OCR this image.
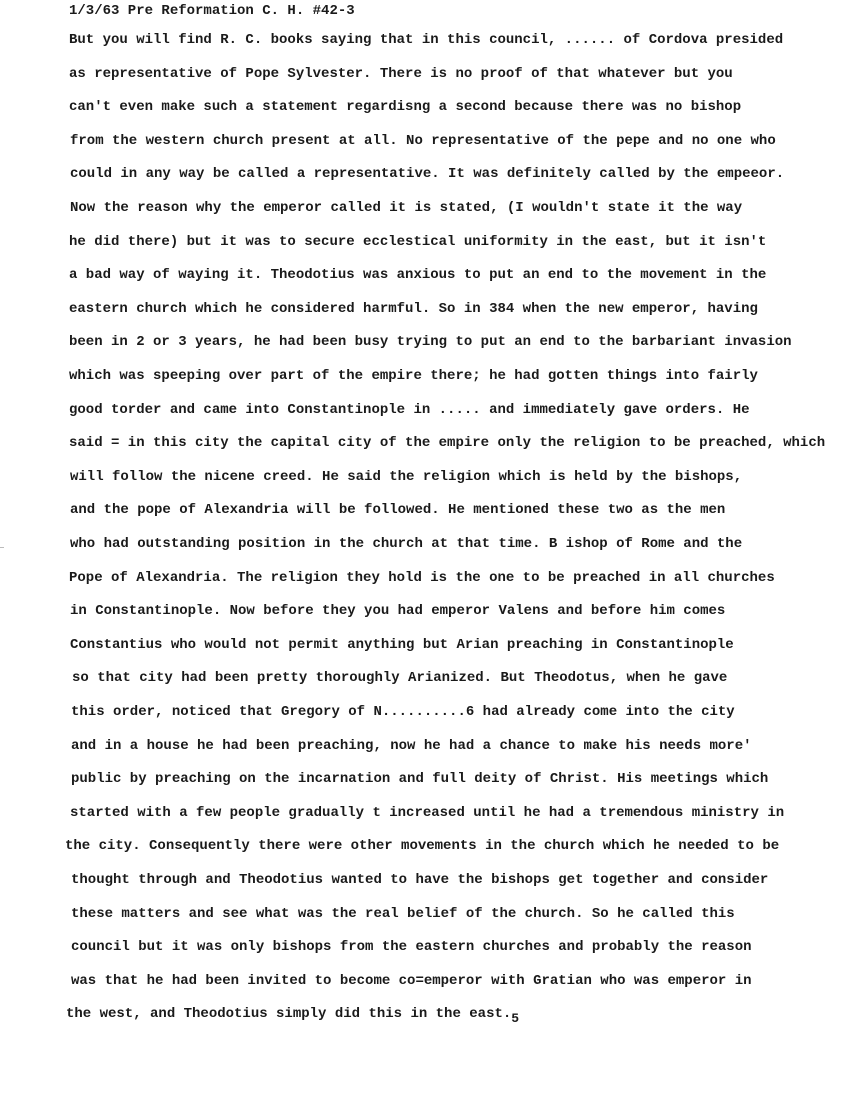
1/3/63 Pre Reformation C. H. #42-3
But you will find R. C. books saying that in this council, ...... of Cordova presided
as representative of Pope Sylvester. There is no proof of that whatever but you
can't even make such a statement regardisng a second because there was no bishop
from the western church present at all. No representative of the pepe and no one who
could in any way be called a representative. It was definitely called by the empeeor.
Now the reason why the emperor called it is stated, (I wouldn't state it the way
he did there) but it was to secure ecclestical uniformity in the east, but it isn't
a bad way of waying it. Theodotius was anxious to put an end to the movement in the
eastern church which he considered harmful. So in 384 when the new emperor, having
been in 2 or 3 years, he had been busy trying to put an end to the barbariant invasion
which was speeping over part of the empire there; he had gotten things into fairly
good torder and came into Constantinople in ..... and immediately gave orders. He
said = in this city the capital city of the empire only the religion to be preached, which
will follow the nicene creed. He said the religion which is held by the bishops,
and the pope of Alexandria will be followed. He mentioned these two as the men
who had outstanding position in the church at that time. B ishop of Rome and the
Pope of Alexandria. The religion they hold is the one to be preached in all churches
in Constantinople. Now before they you had emperor Valens and before him comes
Constantius who would not permit anything but Arian preaching in Constantinople
so that city had been pretty thoroughly Arianized. But Theodotus, when he gave
this order, noticed that Gregory of N..........6 had already come into the city
and in a house he had been preaching, now he had a chance to make his needs more'
public by preaching on the incarnation and full deity of Christ. His meetings which
started with a few people gradually t increased until he had a tremendous ministry in
the city. Consequently there were other movements in the church which he needed to be
thought through and Theodotius wanted to have the bishops get together and consider
these matters and see what was the real belief of the church. So he called this
council but it was only bishops from the eastern churches and probably the reason
was that he had been invited to become co=emperor with Gratian who was emperor in
the west, and Theodotius simply did this in the east.5
